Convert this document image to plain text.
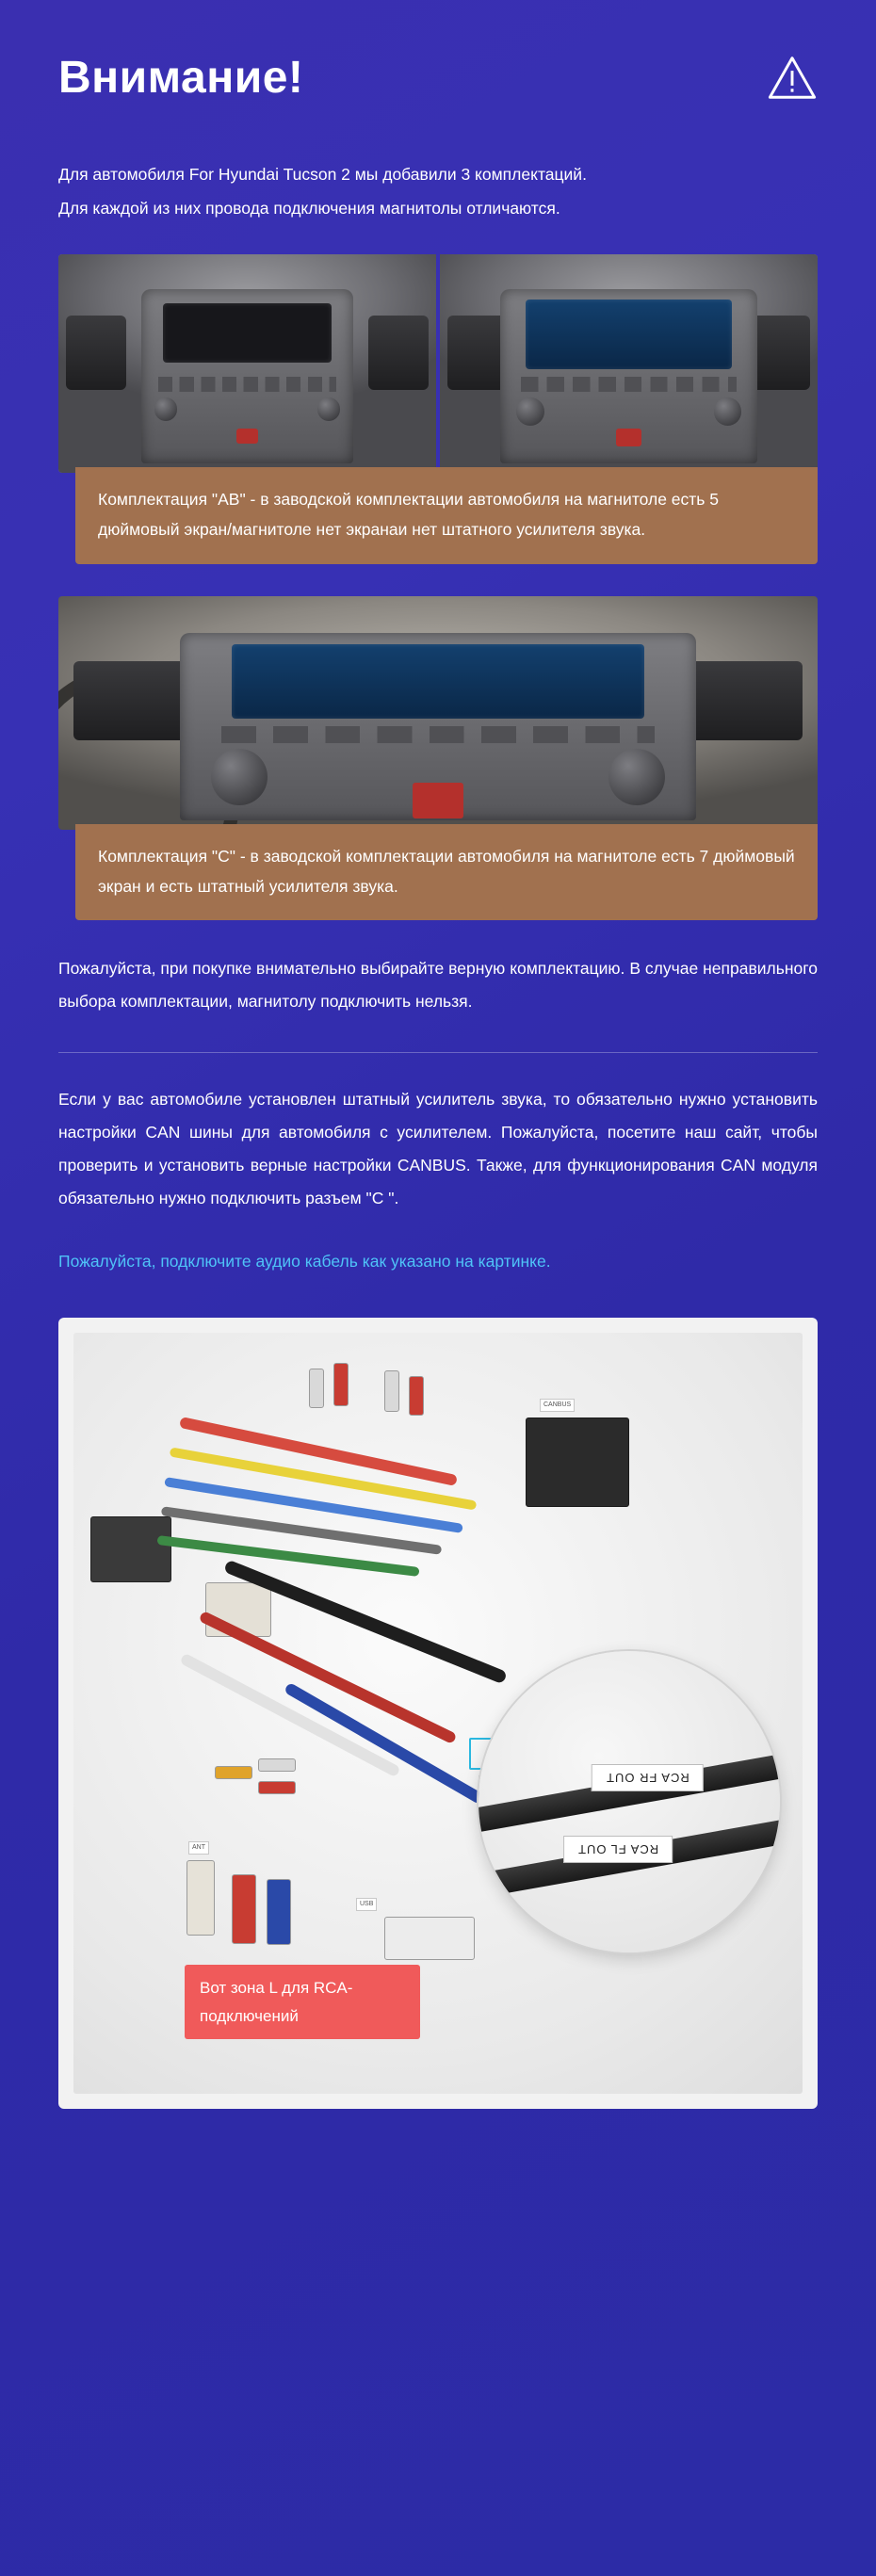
Внимание!

Для автомобиля For Hyundai Tucson 2 мы добавили 3 комплектаций.

Для каждой из них провода подключения магнитолы отличаются.

Комплектация "AB" - в заводской комплектации автомобиля на магнитоле есть 5 дюймовый экран/магнитоле нет экранаи нет штатного усилителя звука.
Комплектация "C" - в заводской комплектации автомобиля на магнитоле есть 7 дюймовый экран и есть штатный усилителя звука.

Пожалуйста, при покупке внимательно выбирайте верную комплектацию. В случае неправильного выбора комплектации, магнитолу подключить нельзя.

Если у вас автомобиле установлен штатный усилитель звука, то обязательно нужно установить настройки CAN шины для автомобиля с усилителем. Пожалуйста, посетите наш сайт, чтобы проверить и установить верные настройки CANBUS. Также, для функционирования CAN модуля обязательно нужно подключить разъем "C ".

Пожалуйста, подключите аудио кабель как указано на картинке.

CANBUS
ANT
USB
RCA FR OUT
RCA FL OUT
Вот зона L для RCA-подключений
